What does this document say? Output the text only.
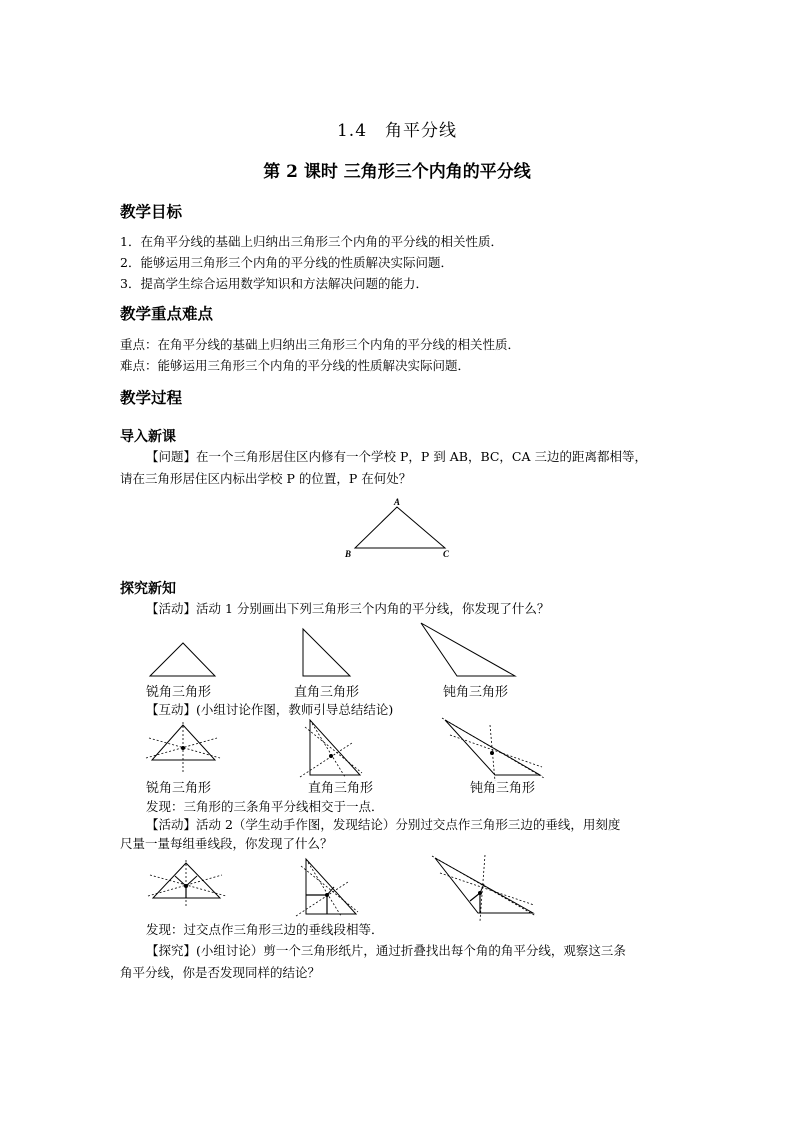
1.4　角平分线
第 2 课时 三角形三个内角的平分线
教学目标
1．在角平分线的基础上归纳出三角形三个内角的平分线的相关性质．
2．能够运用三角形三个内角的平分线的性质解决实际问题．
3．提高学生综合运用数学知识和方法解决问题的能力．
教学重点难点
重点：在角平分线的基础上归纳出三角形三个内角的平分线的相关性质．
难点：能够运用三角形三个内角的平分线的性质解决实际问题．
教学过程
导入新课
【问题】在一个三角形居住区内修有一个学校 P，P 到 AB，BC，CA 三边的距离都相等，
请在三角形居住区内标出学校 P 的位置，P 在何处？
A
B	C
探究新知
【活动】活动 1 分别画出下列三角形三个内角的平分线，你发现了什么？
锐角三角形	直角三角形	钝角三角形
【互动】(小组讨论作图，教师引导总结结论)
锐角三角形	直角三角形	钝角三角形
发现：三角形的三条角平分线相交于一点．
【活动】活动 2（学生动手作图，发现结论）分别过交点作三角形三边的垂线，用刻度
尺量一量每组垂线段，你发现了什么？
发现：过交点作三角形三边的垂线段相等．
【探究】(小组讨论）剪一个三角形纸片，通过折叠找出每个角的角平分线，观察这三条
角平分线，你是否发现同样的结论？
